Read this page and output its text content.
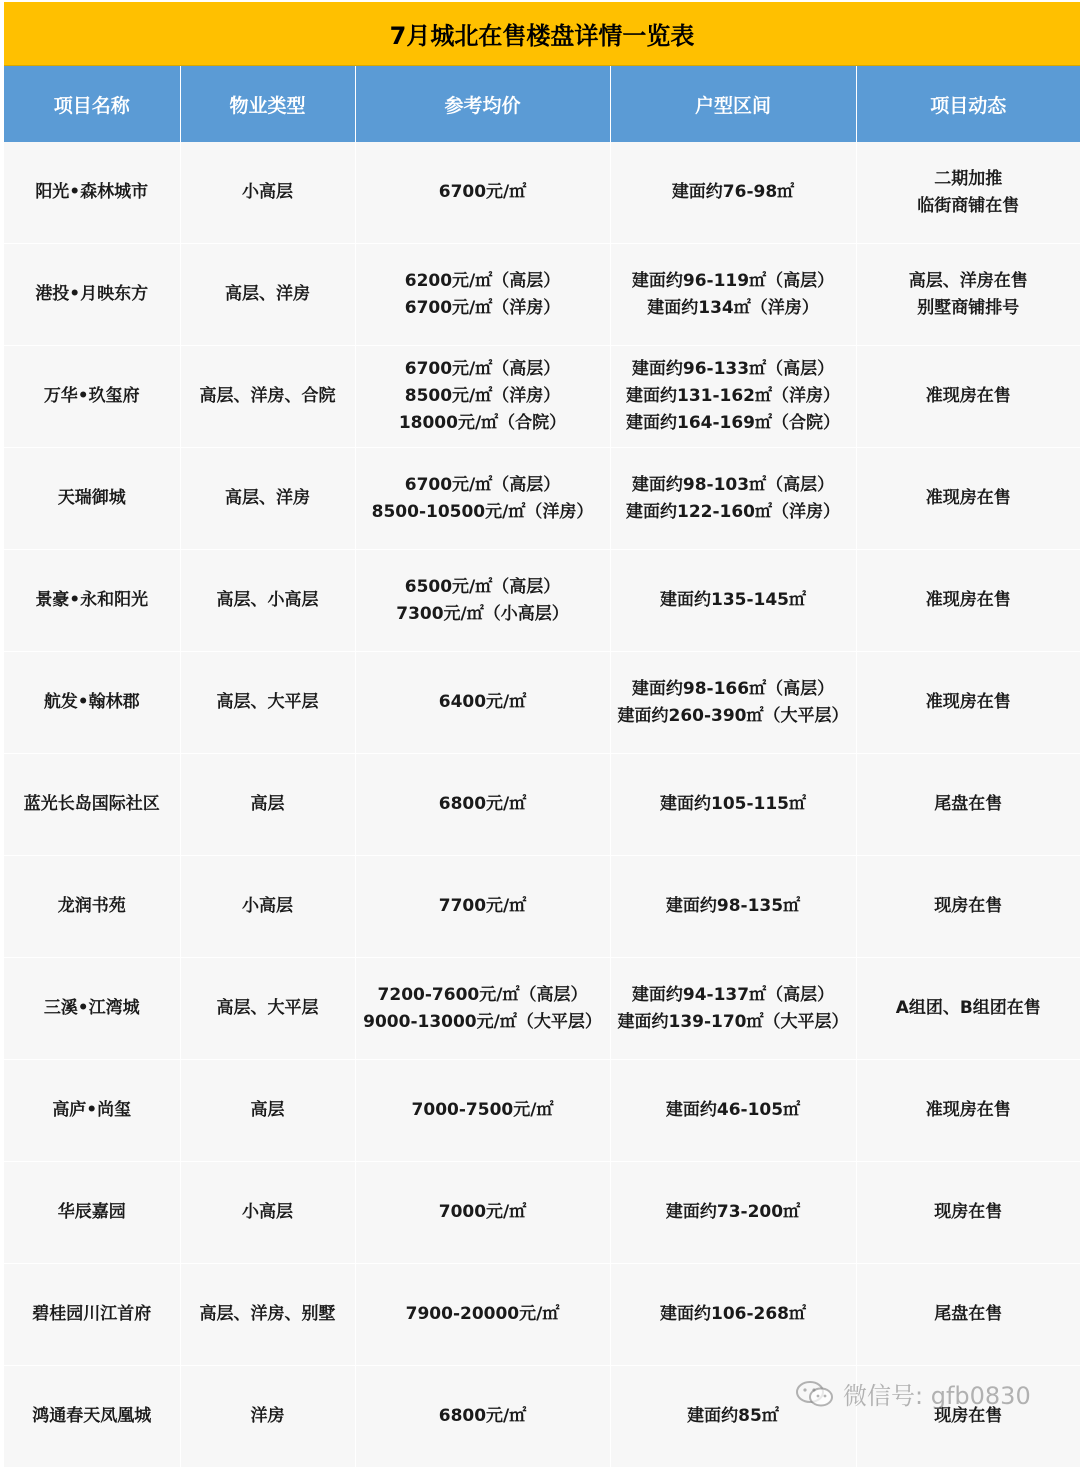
7月城北在售楼盘详情一览表
项目名称	物业类型	参考均价	户型区间	项目动态
阳光•森林城市	小高层	6700元/㎡	建面约76-98㎡	二期加推
临街商铺在售

港投•月映东方	高层、洋房	6200元/㎡（高层）
6700元/㎡（洋房）	建面约96-119㎡（高层）
建面约134㎡（洋房）	高层、洋房在售
别墅商铺排号

万华•玖玺府	高层、洋房、合院	6700元/㎡（高层）
8500元/㎡（洋房）
18000元/㎡（合院）	建面约96-133㎡（高层）
建面约131-162㎡（洋房）
建面约164-169㎡（合院）	准现房在售

天瑞御城	高层、洋房	6700元/㎡（高层）
8500-10500元/㎡（洋房）	建面约98-103㎡（高层）
建面约122-160㎡（洋房）	准现房在售

景豪•永和阳光	高层、小高层	6500元/㎡（高层）
7300元/㎡（小高层）	建面约135-145㎡	准现房在售

航发•翰林郡	高层、大平层	6400元/㎡	建面约98-166㎡（高层）
建面约260-390㎡（大平层）	准现房在售

蓝光长岛国际社区	高层	6800元/㎡	建面约105-115㎡	尾盘在售

龙润书苑	小高层	7700元/㎡	建面约98-135㎡	现房在售

三溪•江湾城	高层、大平层	7200-7600元/㎡（高层）
9000-13000元/㎡（大平层）	建面约94-137㎡（高层）
建面约139-170㎡（大平层）	A组团、B组团在售

高庐•尚玺	高层	7000-7500元/㎡	建面约46-105㎡	准现房在售

华辰嘉园	小高层	7000元/㎡	建面约73-200㎡	现房在售

碧桂园川江首府	高层、洋房、别墅	7900-20000元/㎡	建面约106-268㎡	尾盘在售

鸿通春天凤凰城	洋房	6800元/㎡	建面约85㎡	现房在售
微信号: gfb0830
